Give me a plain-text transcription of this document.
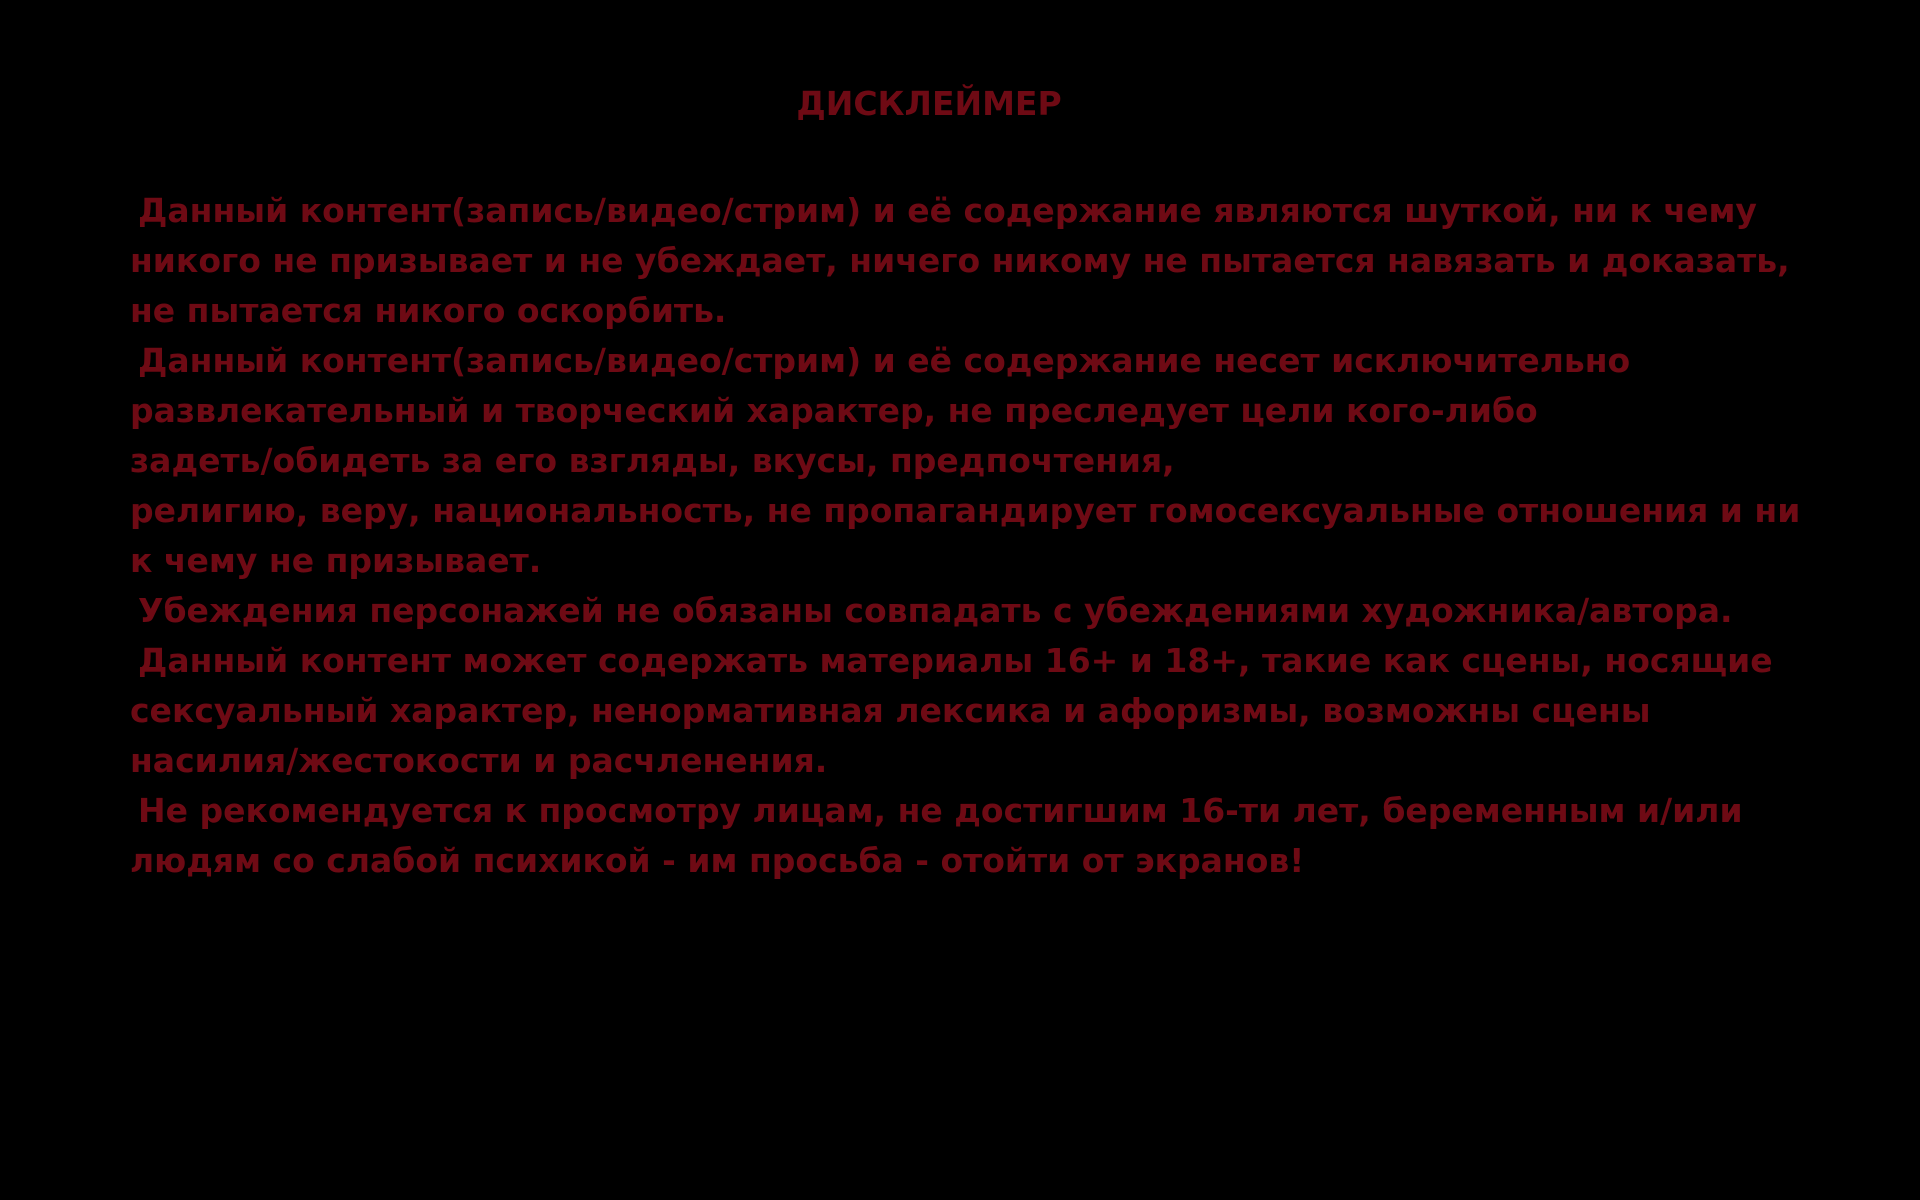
ДИСКЛЕЙМЕР
Данный контент(запись/видео/стрим) и её содержание являются шуткой, ни к чему
никого не призывает и не убеждает, ничего никому не пытается навязать и доказать,
не пытается никого оскорбить.
Данный контент(запись/видео/стрим) и её содержание несет исключительно
развлекательный и творческий характер, не преследует цели кого-либо
задеть/обидеть за его взгляды, вкусы, предпочтения,
религию, веру, национальность, не пропагандирует гомосексуальные отношения и ни
к чему не призывает.
Убеждения персонажей не обязаны совпадать с убеждениями художника/автора.
Данный контент может содержать материалы 16+ и 18+, такие как сцены, носящие
сексуальный характер, ненормативная лексика и афоризмы, возможны сцены
насилия/жестокости и расчленения.
Не рекомендуется к просмотру лицам, не достигшим 16-ти лет, беременным и/или
людям со слабой психикой - им просьба - отойти от экранов!
